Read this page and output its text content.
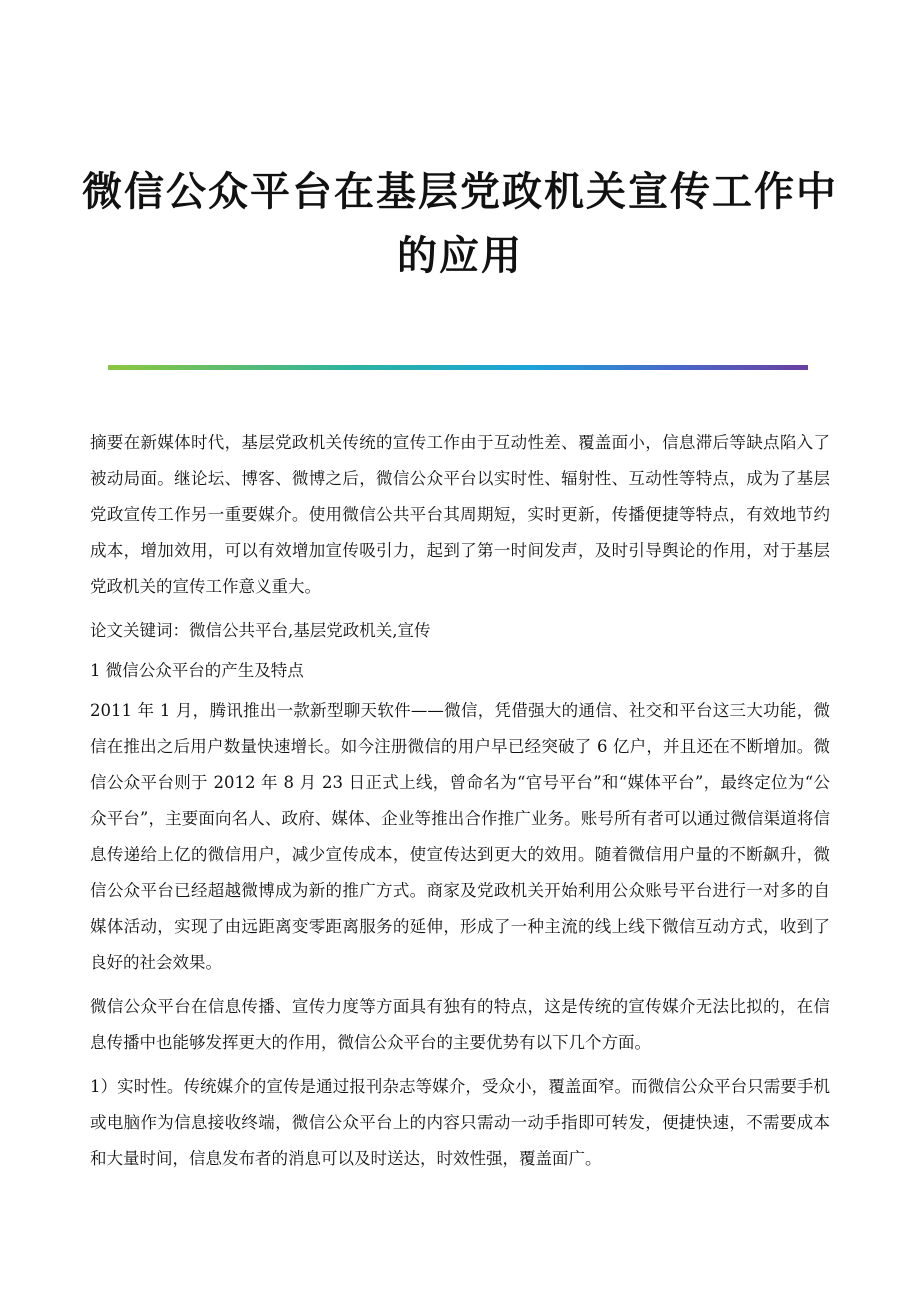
微信公众平台在基层党政机关宣传工作中的应用

摘要在新媒体时代，基层党政机关传统的宣传工作由于互动性差、覆盖面小，信息滞后等缺点陷入了被动局面。继论坛、博客、微博之后，微信公众平台以实时性、辐射性、互动性等特点，成为了基层党政宣传工作另一重要媒介。使用微信公共平台其周期短，实时更新，传播便捷等特点，有效地节约成本，增加效用，可以有效增加宣传吸引力，起到了第一时间发声，及时引导舆论的作用，对于基层党政机关的宣传工作意义重大。

论文关键词：微信公共平台,基层党政机关,宣传

1 微信公众平台的产生及特点

2011 年 1 月，腾讯推出一款新型聊天软件——微信，凭借强大的通信、社交和平台这三大功能，微信在推出之后用户数量快速增长。如今注册微信的用户早已经突破了 6 亿户，并且还在不断增加。微信公众平台则于 2012 年 8 月 23 日正式上线，曾命名为“官号平台”和“媒体平台”，最终定位为“公众平台”，主要面向名人、政府、媒体、企业等推出合作推广业务。账号所有者可以通过微信渠道将信息传递给上亿的微信用户，减少宣传成本，使宣传达到更大的效用。随着微信用户量的不断飙升，微信公众平台已经超越微博成为新的推广方式。商家及党政机关开始利用公众账号平台进行一对多的自媒体活动，实现了由远距离变零距离服务的延伸，形成了一种主流的线上线下微信互动方式，收到了良好的社会效果。

微信公众平台在信息传播、宣传力度等方面具有独有的特点，这是传统的宣传媒介无法比拟的，在信息传播中也能够发挥更大的作用，微信公众平台的主要优势有以下几个方面。

1）实时性。传统媒介的宣传是通过报刊杂志等媒介，受众小，覆盖面窄。而微信公众平台只需要手机或电脑作为信息接收终端，微信公众平台上的内容只需动一动手指即可转发，便捷快速，不需要成本和大量时间，信息发布者的消息可以及时送达，时效性强，覆盖面广。
